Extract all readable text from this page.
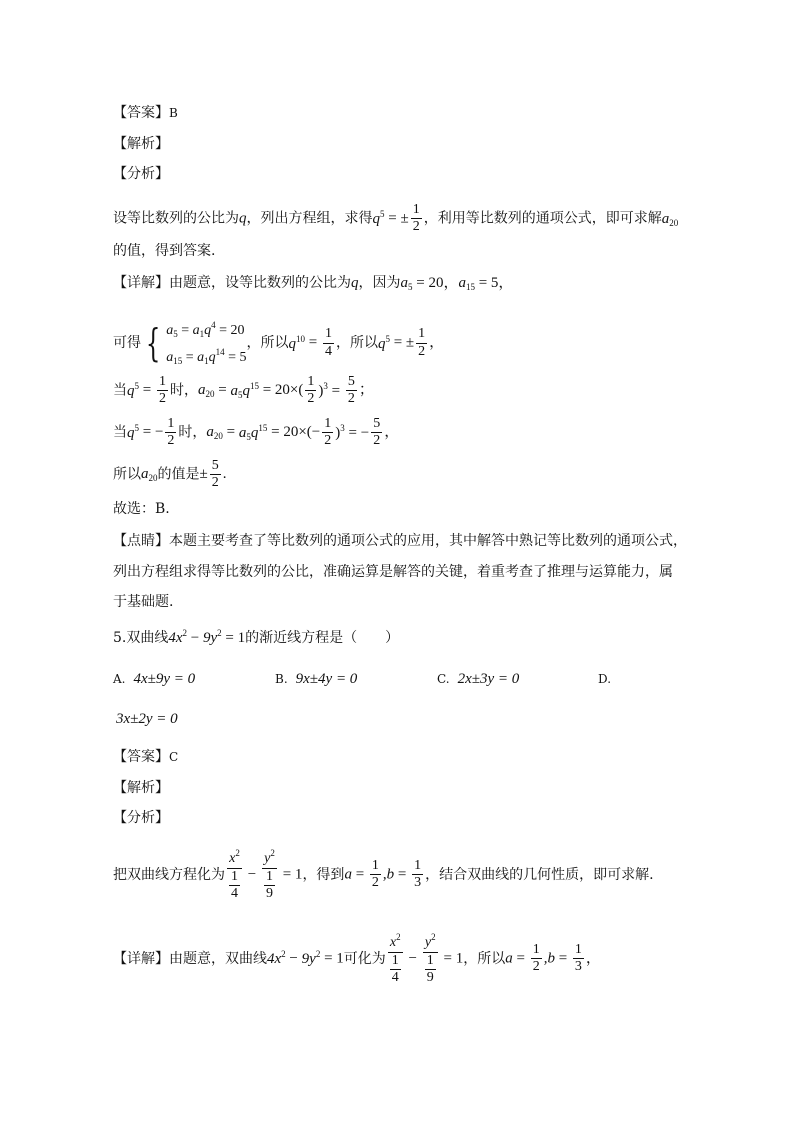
【答案】B
【解析】
【分析】
设等比数列的公比为q，列出方程组，求得$q^5$ = ± $\frac{1}{2}$ ，利用等比数列的通项公式，即可求解$a_{20}$
的值，得到答案.
【详解】由题意，设等比数列的公比为q，因为$a_5 = 20$，$a_{15} = 5$，
可得 { $a_5 = a_1q^4 = 20$
$a_{15} = a_1q^{14} = 5$
，所以$q^{10} = \frac{1}{4}$ ，所以$q^5$ = ± $\frac{1}{2}$ ，
当$q^5 = \frac{1}{2}$ 时，$a_{20} = a_5q^{15} = 20\times( \frac{1}{2} )^3 = \frac{5}{2}$ ；
当$q^5$ = − $\frac{1}{2}$ 时，$a_{20} = a_5q^{15} = 20\times(- \frac{1}{2} )^3$ = − $\frac{5}{2}$ ，
所以$a_{20}$的值是± $\frac{5}{2}$ .
故选：B.
【点睛】本题主要考查了等比数列的通项公式的应用，其中解答中熟记等比数列的通项公式，
列出方程组求得等比数列的公比，准确运算是解答的关键，着重考查了推理与运算能力，属
于基础题.
5.双曲线$4x^2 - 9y^2 = 1$的渐近线方程是（　　）
A. 4x±9y = 0	B. 9x±4y = 0	C. 2x±3y = 0	D.
3x±2y = 0
【答案】C
【解析】
【分析】
把双曲线方程化为 $x^2$
1
$4 - y^2$
1
9 = 1，得到$a = \frac{1}{2} ,b = \frac{1}{3}$ ，结合双曲线的几何性质，即可求解.
【详解】由题意，双曲线$4x^2 - 9y^2 = 1$可化为 $x^2$
1
$4 - y^2$
1
9 = 1，所以$a = \frac{1}{2} ,b = \frac{1}{3}$ ，
